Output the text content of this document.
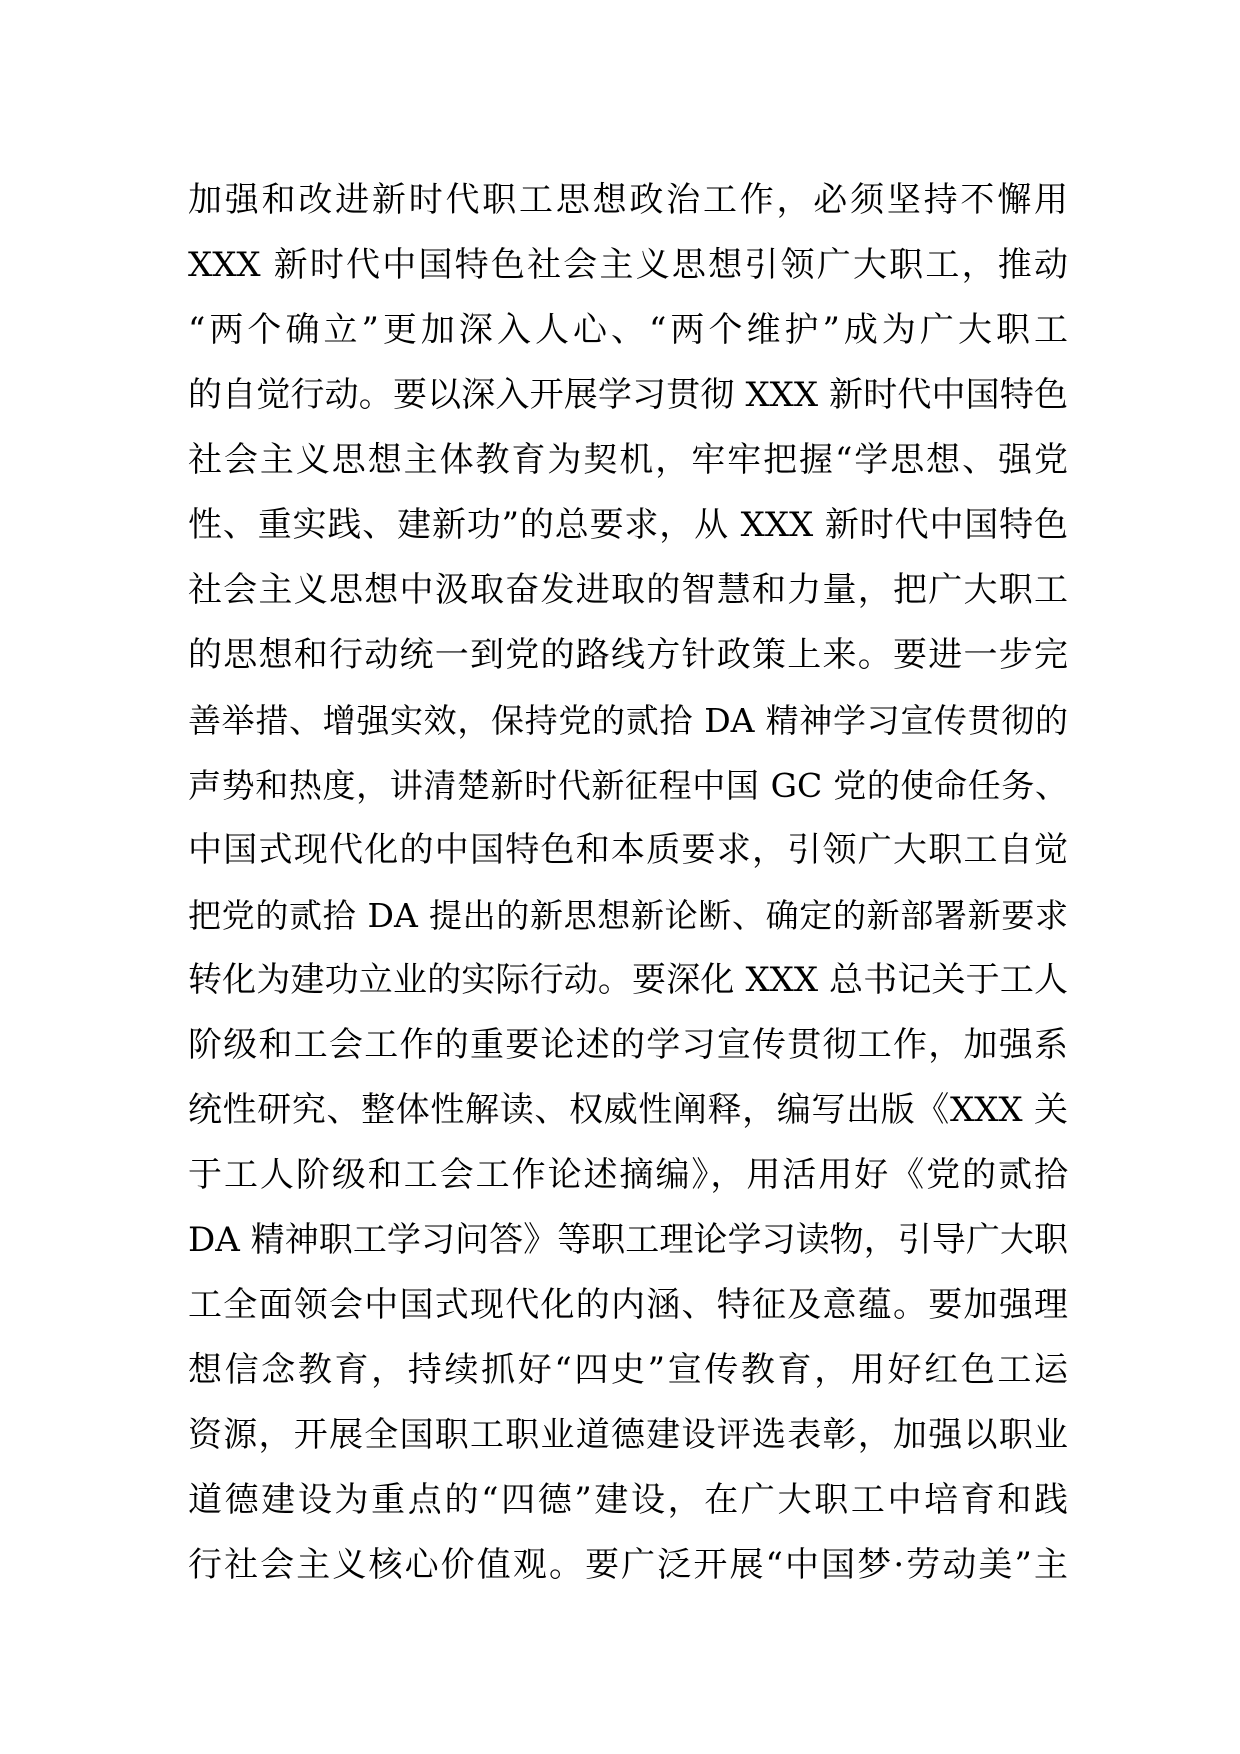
加强和改进新时代职工思想政治工作，必须坚持不懈用
XXX 新时代中国特色社会主义思想引领广大职工，推动
“两个确立”更加深入人心、“两个维护”成为广大职工
的自觉行动。要以深入开展学习贯彻 XXX 新时代中国特色
社会主义思想主体教育为契机，牢牢把握“学思想、强党
性、重实践、建新功”的总要求，从 XXX 新时代中国特色
社会主义思想中汲取奋发进取的智慧和力量，把广大职工
的思想和行动统一到党的路线方针政策上来。要进一步完
善举措、增强实效，保持党的贰拾 DA 精神学习宣传贯彻的
声势和热度，讲清楚新时代新征程中国 GC 党的使命任务、
中国式现代化的中国特色和本质要求，引领广大职工自觉
把党的贰拾 DA 提出的新思想新论断、确定的新部署新要求
转化为建功立业的实际行动。要深化 XXX 总书记关于工人
阶级和工会工作的重要论述的学习宣传贯彻工作，加强系
统性研究、整体性解读、权威性阐释，编写出版《XXX 关
于工人阶级和工会工作论述摘编》，用活用好《党的贰拾
DA 精神职工学习问答》等职工理论学习读物，引导广大职
工全面领会中国式现代化的内涵、特征及意蕴。要加强理
想信念教育，持续抓好“四史”宣传教育，用好红色工运
资源，开展全国职工职业道德建设评选表彰，加强以职业
道德建设为重点的“四德”建设，在广大职工中培育和践
行社会主义核心价值观。要广泛开展“中国梦·劳动美”主
